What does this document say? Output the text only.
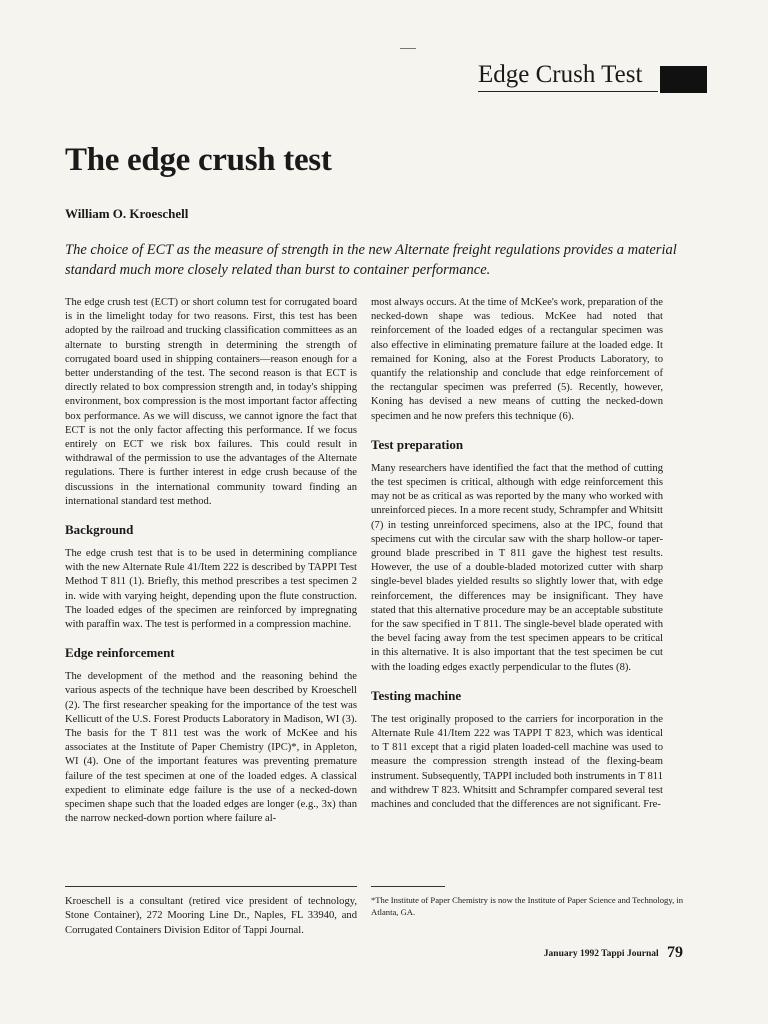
Edge Crush Test
The edge crush test
William O. Kroeschell
The choice of ECT as the measure of strength in the new Alternate freight regulations provides a material standard much more closely related than burst to container performance.

The edge crush test (ECT) or short column test for corrugated board is in the limelight today for two reasons. First, this test has been adopted by the railroad and trucking classification committees as an alternate to bursting strength in determining the strength of corrugated board used in shipping containers—reason enough for a better understanding of the test. The second reason is that ECT is directly related to box compression strength and, in today's shipping environment, box compression is the most important factor affecting box performance. As we will discuss, we cannot ignore the fact that ECT is not the only factor affecting this performance. If we focus entirely on ECT we risk box failures. This could result in withdrawal of the permission to use the advantages of the Alternate regulations. There is further interest in edge crush because of the discussions in the international community toward finding an international standard test method.

Background

The edge crush test that is to be used in determining compliance with the new Alternate Rule 41/Item 222 is described by TAPPI Test Method T 811 (1). Briefly, this method prescribes a test specimen 2 in. wide with varying height, depending upon the flute construction. The loaded edges of the specimen are reinforced by impregnating with paraffin wax. The test is performed in a compression machine.

Edge reinforcement

The development of the method and the reasoning behind the various aspects of the technique have been described by Kroeschell (2). The first researcher speaking for the importance of the test was Kellicutt of the U.S. Forest Products Laboratory in Madison, WI (3). The basis for the T 811 test was the work of McKee and his associates at the Institute of Paper Chemistry (IPC)*, in Appleton, WI (4). One of the important features was preventing premature failure of the test specimen at one of the loaded edges. A classical expedient to eliminate edge failure is the use of a necked-down specimen shape such that the loaded edges are longer (e.g., 3x) than the narrow necked-down portion where failure al-

most always occurs. At the time of McKee's work, preparation of the necked-down shape was tedious. McKee had noted that reinforcement of the loaded edges of a rectangular specimen was also effective in eliminating premature failure at the loaded edge. It remained for Koning, also at the Forest Products Laboratory, to quantify the relationship and conclude that edge reinforcement of the rectangular specimen was preferred (5). Recently, however, Koning has devised a new means of cutting the necked-down specimen and he now prefers this technique (6).

Test preparation

Many researchers have identified the fact that the method of cutting the test specimen is critical, although with edge reinforcement this may not be as critical as was reported by the many who worked with unreinforced pieces. In a more recent study, Schrampfer and Whitsitt (7) in testing unreinforced specimens, also at the IPC, found that specimens cut with the circular saw with the sharp hollow-or taper-ground blade prescribed in T 811 gave the highest test results. However, the use of a double-bladed motorized cutter with sharp single-bevel blades yielded results so slightly lower that, with edge reinforcement, the differences may be insignificant. They have stated that this alternative procedure may be an acceptable substitute for the saw specified in T 811. The single-bevel blade operated with the bevel facing away from the test specimen appears to be critical in this alternative. It is also important that the test specimen be cut with the loading edges exactly perpendicular to the flutes (8).

Testing machine

The test originally proposed to the carriers for incorporation in the Alternate Rule 41/Item 222 was TAPPI T 823, which was identical to T 811 except that a rigid platen loaded-cell machine was used to measure the compression strength instead of the flexing-beam instrument. Subsequently, TAPPI included both instruments in T 811 and withdrew T 823. Whitsitt and Schrampfer compared several test machines and concluded that the differences are not significant. Fre-

Kroeschell is a consultant (retired vice president of technology, Stone Container), 272 Mooring Line Dr., Naples, FL 33940, and Corrugated Containers Division Editor of Tappi Journal.
*The Institute of Paper Chemistry is now the Institute of Paper Science and Technology, in Atlanta, GA.
January 1992 Tappi Journal 79
